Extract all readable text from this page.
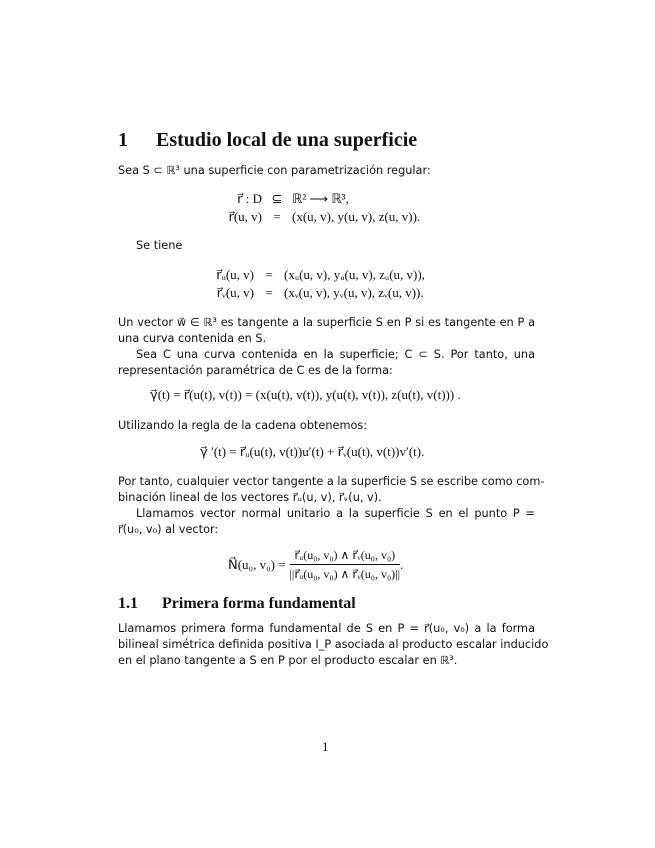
1 Estudio local de una superficie
Sea S ⊂ ℝ³ una superficie con parametrización regular:
r⃗ : D ⊆ ℝ² ⟶ ℝ³,
r⃗(u, v) = (x(u, v), y(u, v), z(u, v)).
Se tiene
r⃗ᵤ(u, v) = (xᵤ(u, v), yᵤ(u, v), zᵤ(u, v)),
r⃗ᵥ(u, v) = (xᵥ(u, v), yᵥ(u, v), zᵥ(u, v)).
Un vector w⃗ ∈ ℝ³ es tangente a la superficie S en P si es tangente en P a
una curva contenida en S.
Sea C una curva contenida en la superficie; C ⊂ S. Por tanto, una
representación paramétrica de C es de la forma:
γ⃗(t) = r⃗(u(t), v(t)) = (x(u(t), v(t)), y(u(t), v(t)), z(u(t), v(t))) .
Utilizando la regla de la cadena obtenemos:
γ⃗ ′(t) = r⃗ᵤ(u(t), v(t))u′(t) + r⃗ᵥ(u(t), v(t))v′(t).
Por tanto, cualquier vector tangente a la superficie S se escribe como com-
binación lineal de los vectores r⃗ᵤ(u, v), r⃗ᵥ(u, v).
Llamamos vector normal unitario a la superficie S en el punto P =
r⃗(u₀, v₀) al vector:
N⃗(u₀, $v_0) = \frac{\text{r⃗ᵤ(u₀, v₀) ∧ r⃗ᵥ(u₀, v₀)}}{\text{||r⃗ᵤ(u₀, v₀) ∧ r⃗ᵥ(u₀, v₀)||}}$ .
1.1 Primera forma fundamental
Llamamos primera forma fundamental de S en P = r⃗(u₀, v₀) a la forma
bilineal simétrica definida positiva I_P asociada al producto escalar inducido
en el plano tangente a S en P por el producto escalar en ℝ³.
1
